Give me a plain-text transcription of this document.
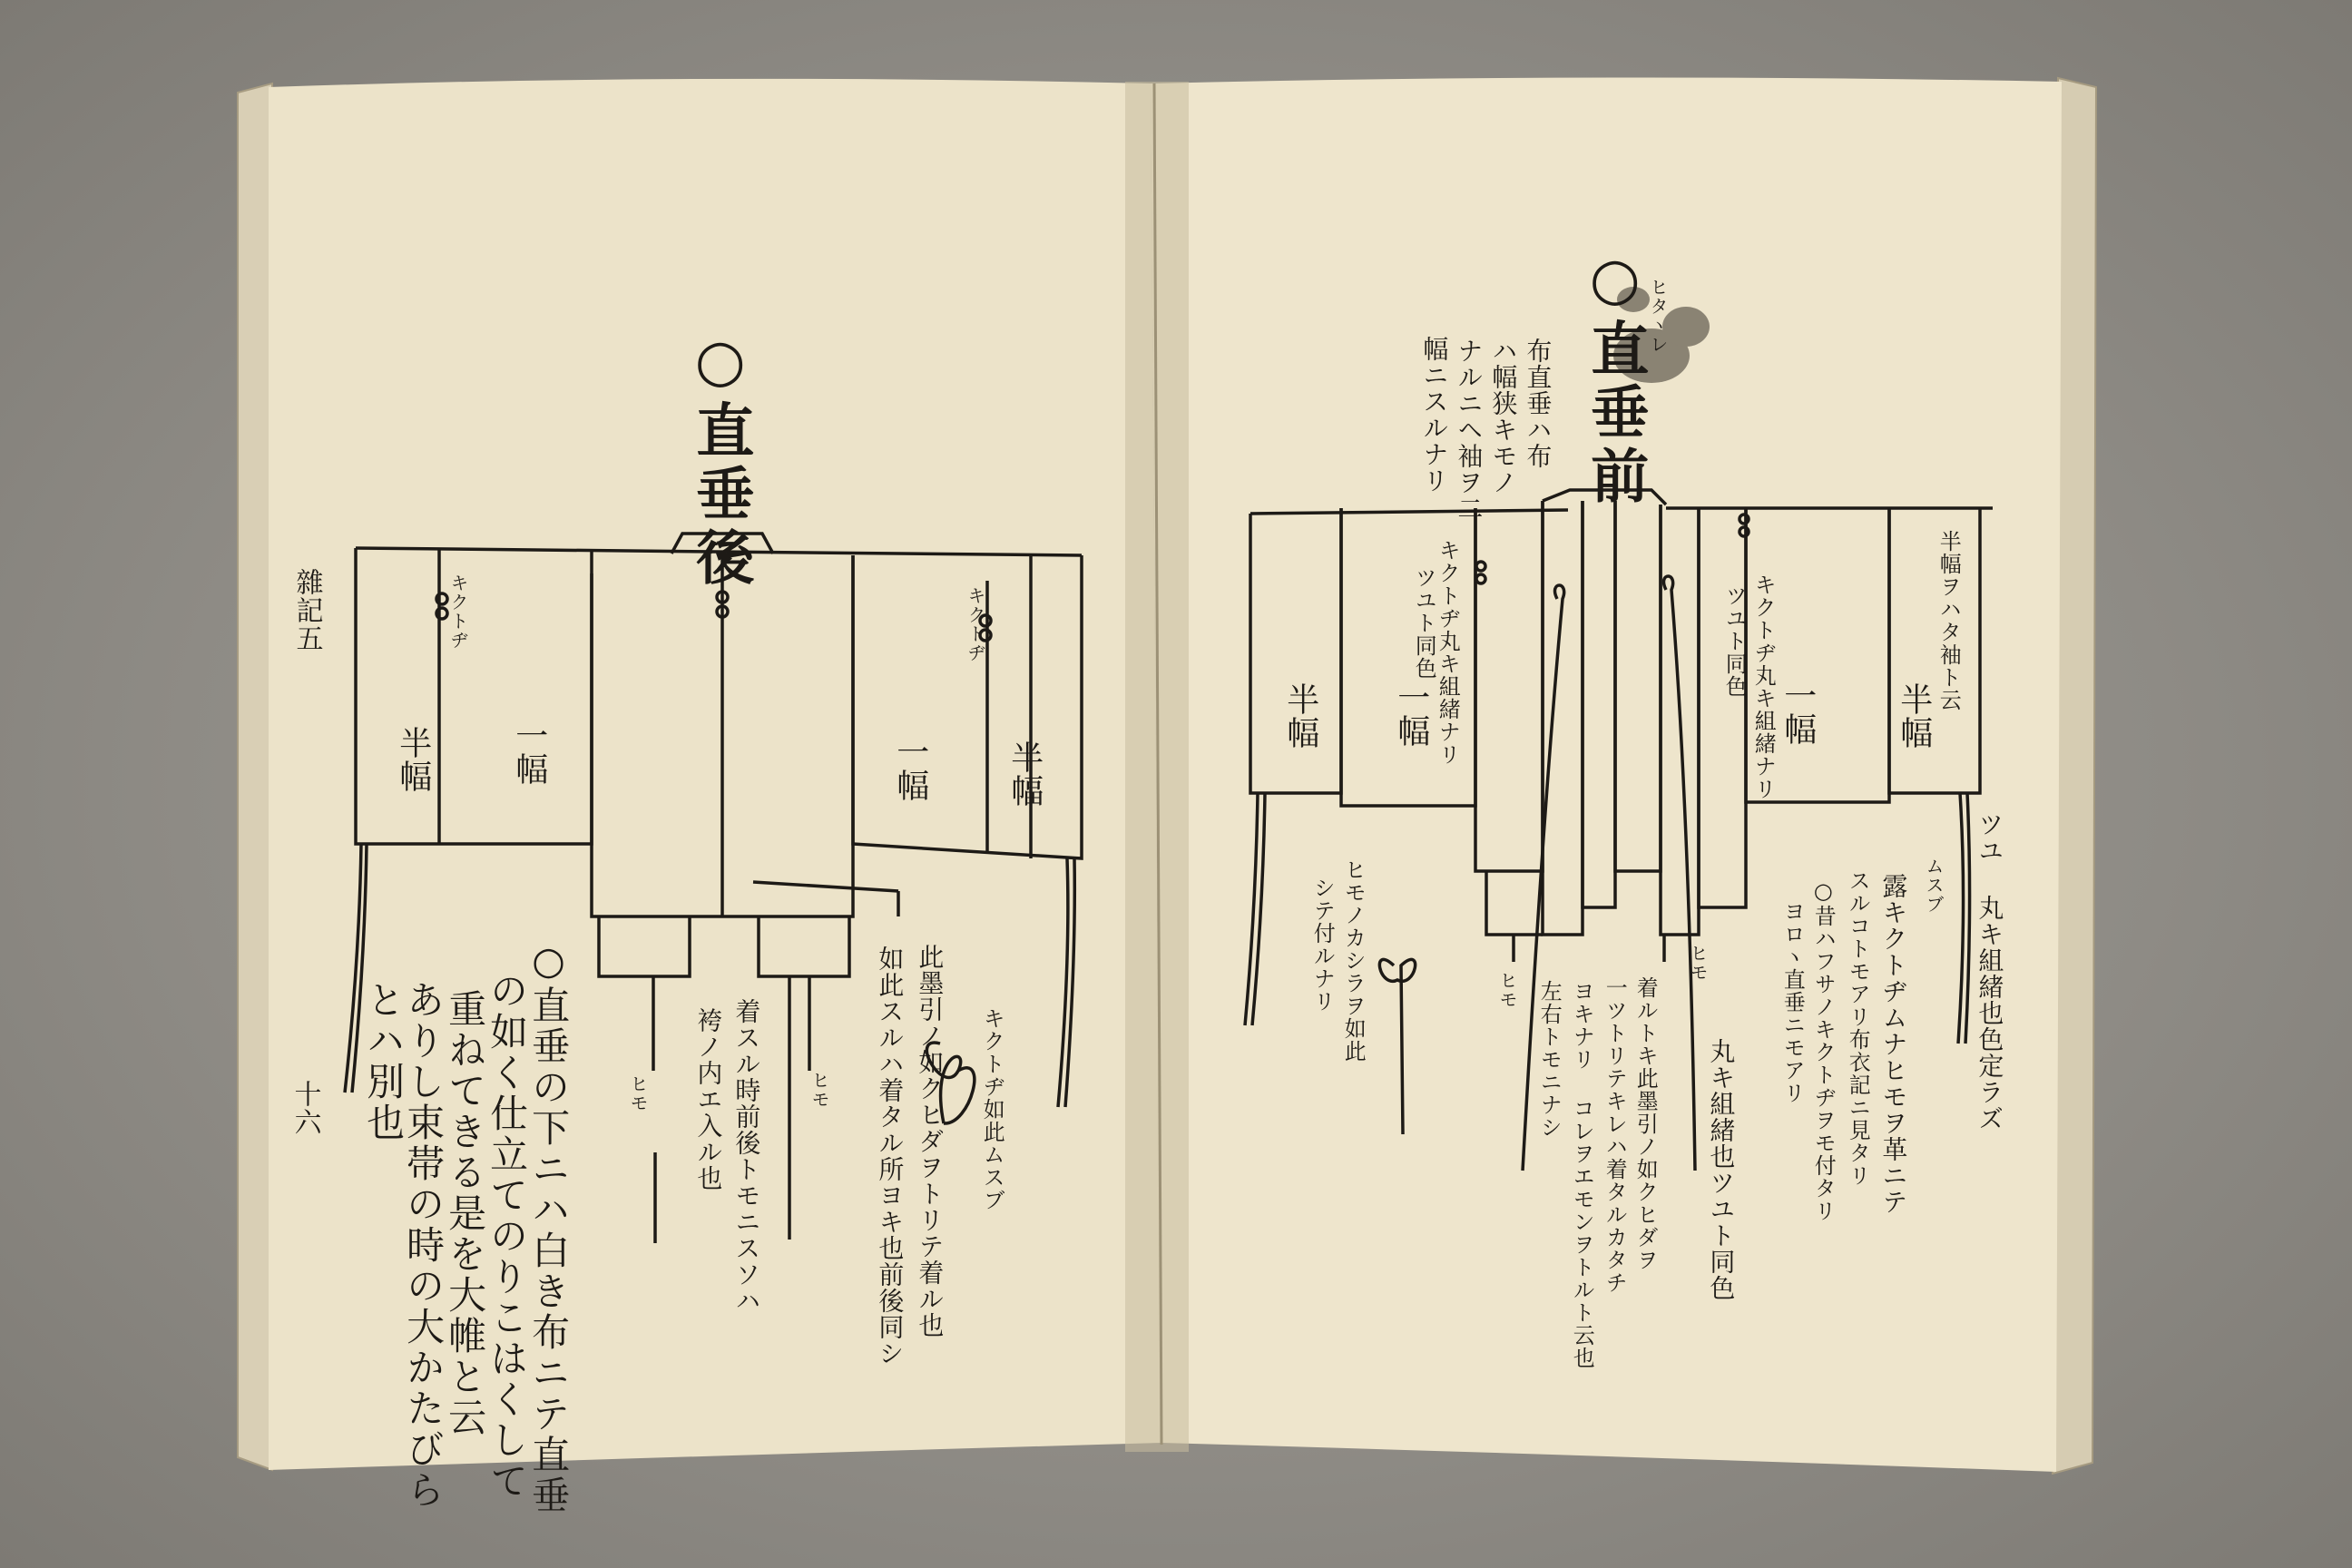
○直垂後
雜記五
十六
キクトヂ	キクトヂ
半幅 一幅	一幅 半幅
ヒモ	ヒモ	キクトヂ如此ムスブ
此墨引ノ如クヒダヲトリテ着ル也
如此スルハ着タル所ヨキ也前後同シ
着スル時前後トモニスソハ
袴ノ内エ入ル也
○直垂の下ニハ白き布ニテ直垂
の如く仕立てのりこはくして
重ねてきる是を大帷と云
ありし束帯の時の大かたびら
とハ別也
○直垂前
ヒタヽレ
布直垂ハ布
ハ幅狭キモノ
ナルニヘ袖ヲ二
幅ニスルナリ
半幅 一幅	一幅 半幅
キクトヂ丸キ組緒ナリ
ツユト同色	キクトヂ丸キ組緒ナリ
ツユト同色	半幅ヲハタ袖ト云
ヒモ
ヒモ
ヒモノカシラヲ如此
シテ付ルナリ	ツユ 丸キ組緒也色定ラズ
ムスブ
露キクトヂムナヒモヲ革ニテ
スルコトモアリ布衣記ニ見タリ
○昔ハフサノキクトヂヲモ付タリ
ヨロヽ直垂ニモアリ
着ルトキ此墨引ノ如クヒダヲ
一ツトリテキレハ着タルカタチ
ヨキナリ コレヲエモンヲトルト云也
左右トモニナシ	丸キ組緒也ツユト同色
